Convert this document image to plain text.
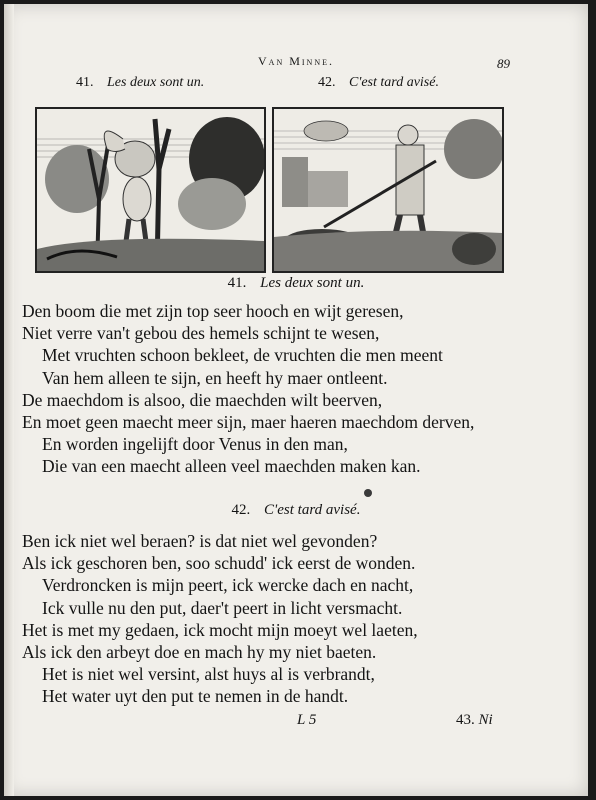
Van Minne.	89
41. Les deux sont un.	42. C'est tard avisé.
41. Les deux sont un.
Den boom die met zijn top seer hooch en wijt geresen,
Niet verre van't gebou des hemels schijnt te wesen,
Met vruchten schoon bekleet, de vruchten die men meent
Van hem alleen te sijn, en heeft hy maer ontleent.
De maechdom is alsoo, die maechden wilt beerven,
En moet geen maecht meer sijn, maer haeren maechdom derven,
En worden ingelijft door Venus in den man,
Die van een maecht alleen veel maechden maken kan.
42. C'est tard avisé.
Ben ick niet wel beraen? is dat niet wel gevonden?
Als ick geschoren ben, soo schudd' ick eerst de wonden.
Verdroncken is mijn peert, ick wercke dach en nacht,
Ick vulle nu den put, daer't peert in licht versmacht.
Het is met my gedaen, ick mocht mijn moeyt wel laeten,
Als ick den arbeyt doe en mach hy my niet baeten.
Het is niet wel versint, alst huys al is verbrandt,
Het water uyt den put te nemen in de handt.
L 5	43. Ni
